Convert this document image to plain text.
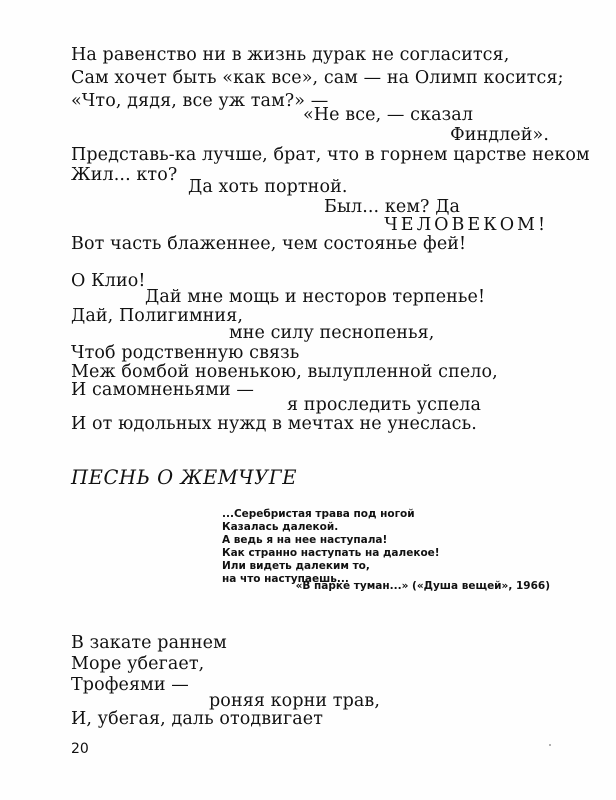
На равенство ни в жизнь дурак не согласится,
Сам хочет быть «как все», сам — на Олимп косится;
«Что, дядя, все уж там?» —
«Не все, — сказал
Финдлей».
Представь-ка лучше, брат, что в горнем царстве неком
Жил... кто?
Да хоть портной.
Был... кем? Да
ЧЕЛОВЕКОМ!
Вот часть блаженнее, чем состоянье фей!
О Клио!
Дай мне мощь и несторов терпенье!
Дай, Полигимния,
мне силу песнопенья,
Чтоб родственную связь
Меж бомбой новенькою, вылупленной спело,
И самомненьями —
я проследить успела
И от юдольных нужд в мечтах не унеслась.
ПЕСНЬ О ЖЕМЧУГЕ
...Серебристая трава под ногой
Казалась далекой.
А ведь я на нее наступала!
Как странно наступать на далекое!
Или видеть далеким то,
на что наступаешь...
«В парке туман...» («Душа вещей», 1966)
В закате раннем
Море убегает,
Трофеями —
роняя корни трав,
И, убегая, даль отодвигает
20
